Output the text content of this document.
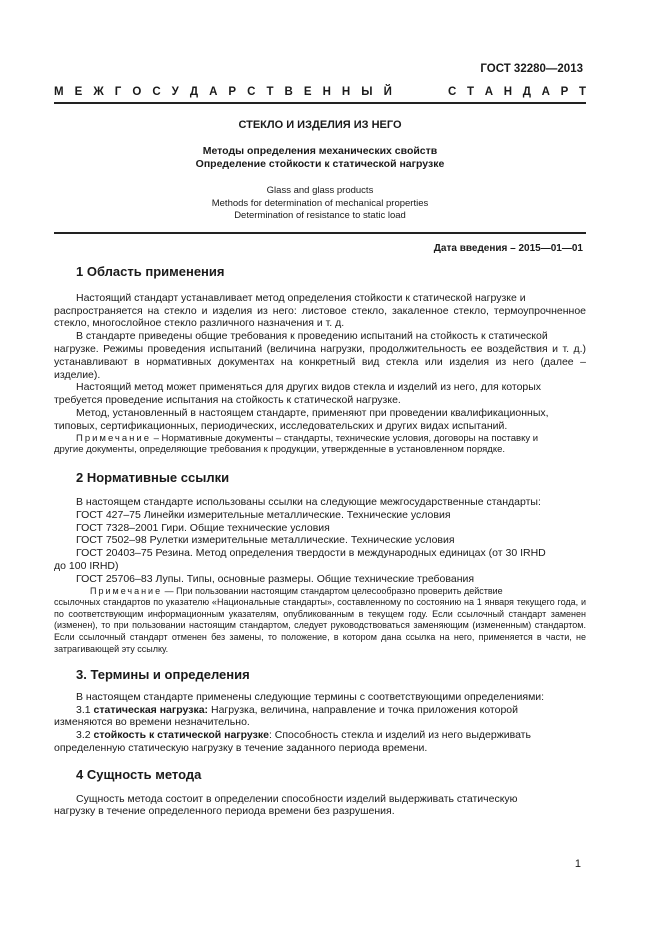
ГОСТ 32280—2013
М Е Ж Г О С У Д А Р С Т В Е Н Н Ы Й	С Т А Н Д А Р Т
СТЕКЛО И ИЗДЕЛИЯ ИЗ НЕГО
Методы определения механических свойств
Определение стойкости к статической нагрузке
Glass and glass products
Methods for determination of mechanical properties
Determination of resistance to static load
Дата введения – 2015—01—01
1 Область применения

Настоящий стандарт устанавливает метод определения стойкости к статической нагрузке и
распространяется на стекло и изделия из него: листовое стекло, закаленное стекло, термоупрочненное стекло, многослойное стекло различного назначения и т. д.

В стандарте приведены общие требования к проведению испытаний на стойкость к статической
нагрузке. Режимы проведения испытаний (величина нагрузки, продолжительность ее воздействия и т. д.) устанавливают в нормативных документах на конкретный вид стекла или изделия из него (далее – изделие).

Настоящий метод может применяться для других видов стекла и изделий из него, для которых
требуется проведение испытания на стойкость к статической нагрузке.

Метод, установленный в настоящем стандарте, применяют при проведении квалификационных,
типовых, сертификационных, периодических, исследовательских и других видах испытаний.

Примечание – Нормативные документы – стандарты, технические условия, договоры на поставку и
другие документы, определяющие требования к продукции, утвержденные в установленном порядке.

2 Нормативные ссылки

В настоящем стандарте использованы ссылки на следующие межгосударственные стандарты:

ГОСТ 427–75 Линейки измерительные металлические. Технические условия

ГОСТ 7328–2001 Гири. Общие технические условия

ГОСТ 7502–98 Рулетки измерительные металлические. Технические условия

ГОСТ 20403–75 Резина. Метод определения твердости в международных единицах (от 30 IRHD
до 100 IRHD)

ГОСТ 25706–83 Лупы. Типы, основные размеры. Общие технические требования

Примечание — При пользовании настоящим стандартом целесообразно проверить действие
ссылочных стандартов по указателю «Национальные стандарты», составленному по состоянию на 1 января текущего года, и по соответствующим информационным указателям, опубликованным в текущем году. Если ссылочный стандарт заменен (изменен), то при пользовании настоящим стандартом, следует руководствоваться заменяющим (измененным) стандартом. Если ссылочный стандарт отменен без замены, то положение, в котором дана ссылка на него, применяется в части, не затрагивающей эту ссылку.

3. Термины и определения

В настоящем стандарте применены следующие термины с соответствующими определениями:

3.1 статическая нагрузка: Нагрузка, величина, направление и точка приложения которой
изменяются во времени незначительно.

3.2 стойкость к статической нагрузке: Способность стекла и изделий из него выдерживать
определенную статическую нагрузку в течение заданного периода времени.

4 Сущность метода

Сущность метода состоит в определении способности изделий выдерживать статическую
нагрузку в течение определенного периода времени без разрушения.

1
